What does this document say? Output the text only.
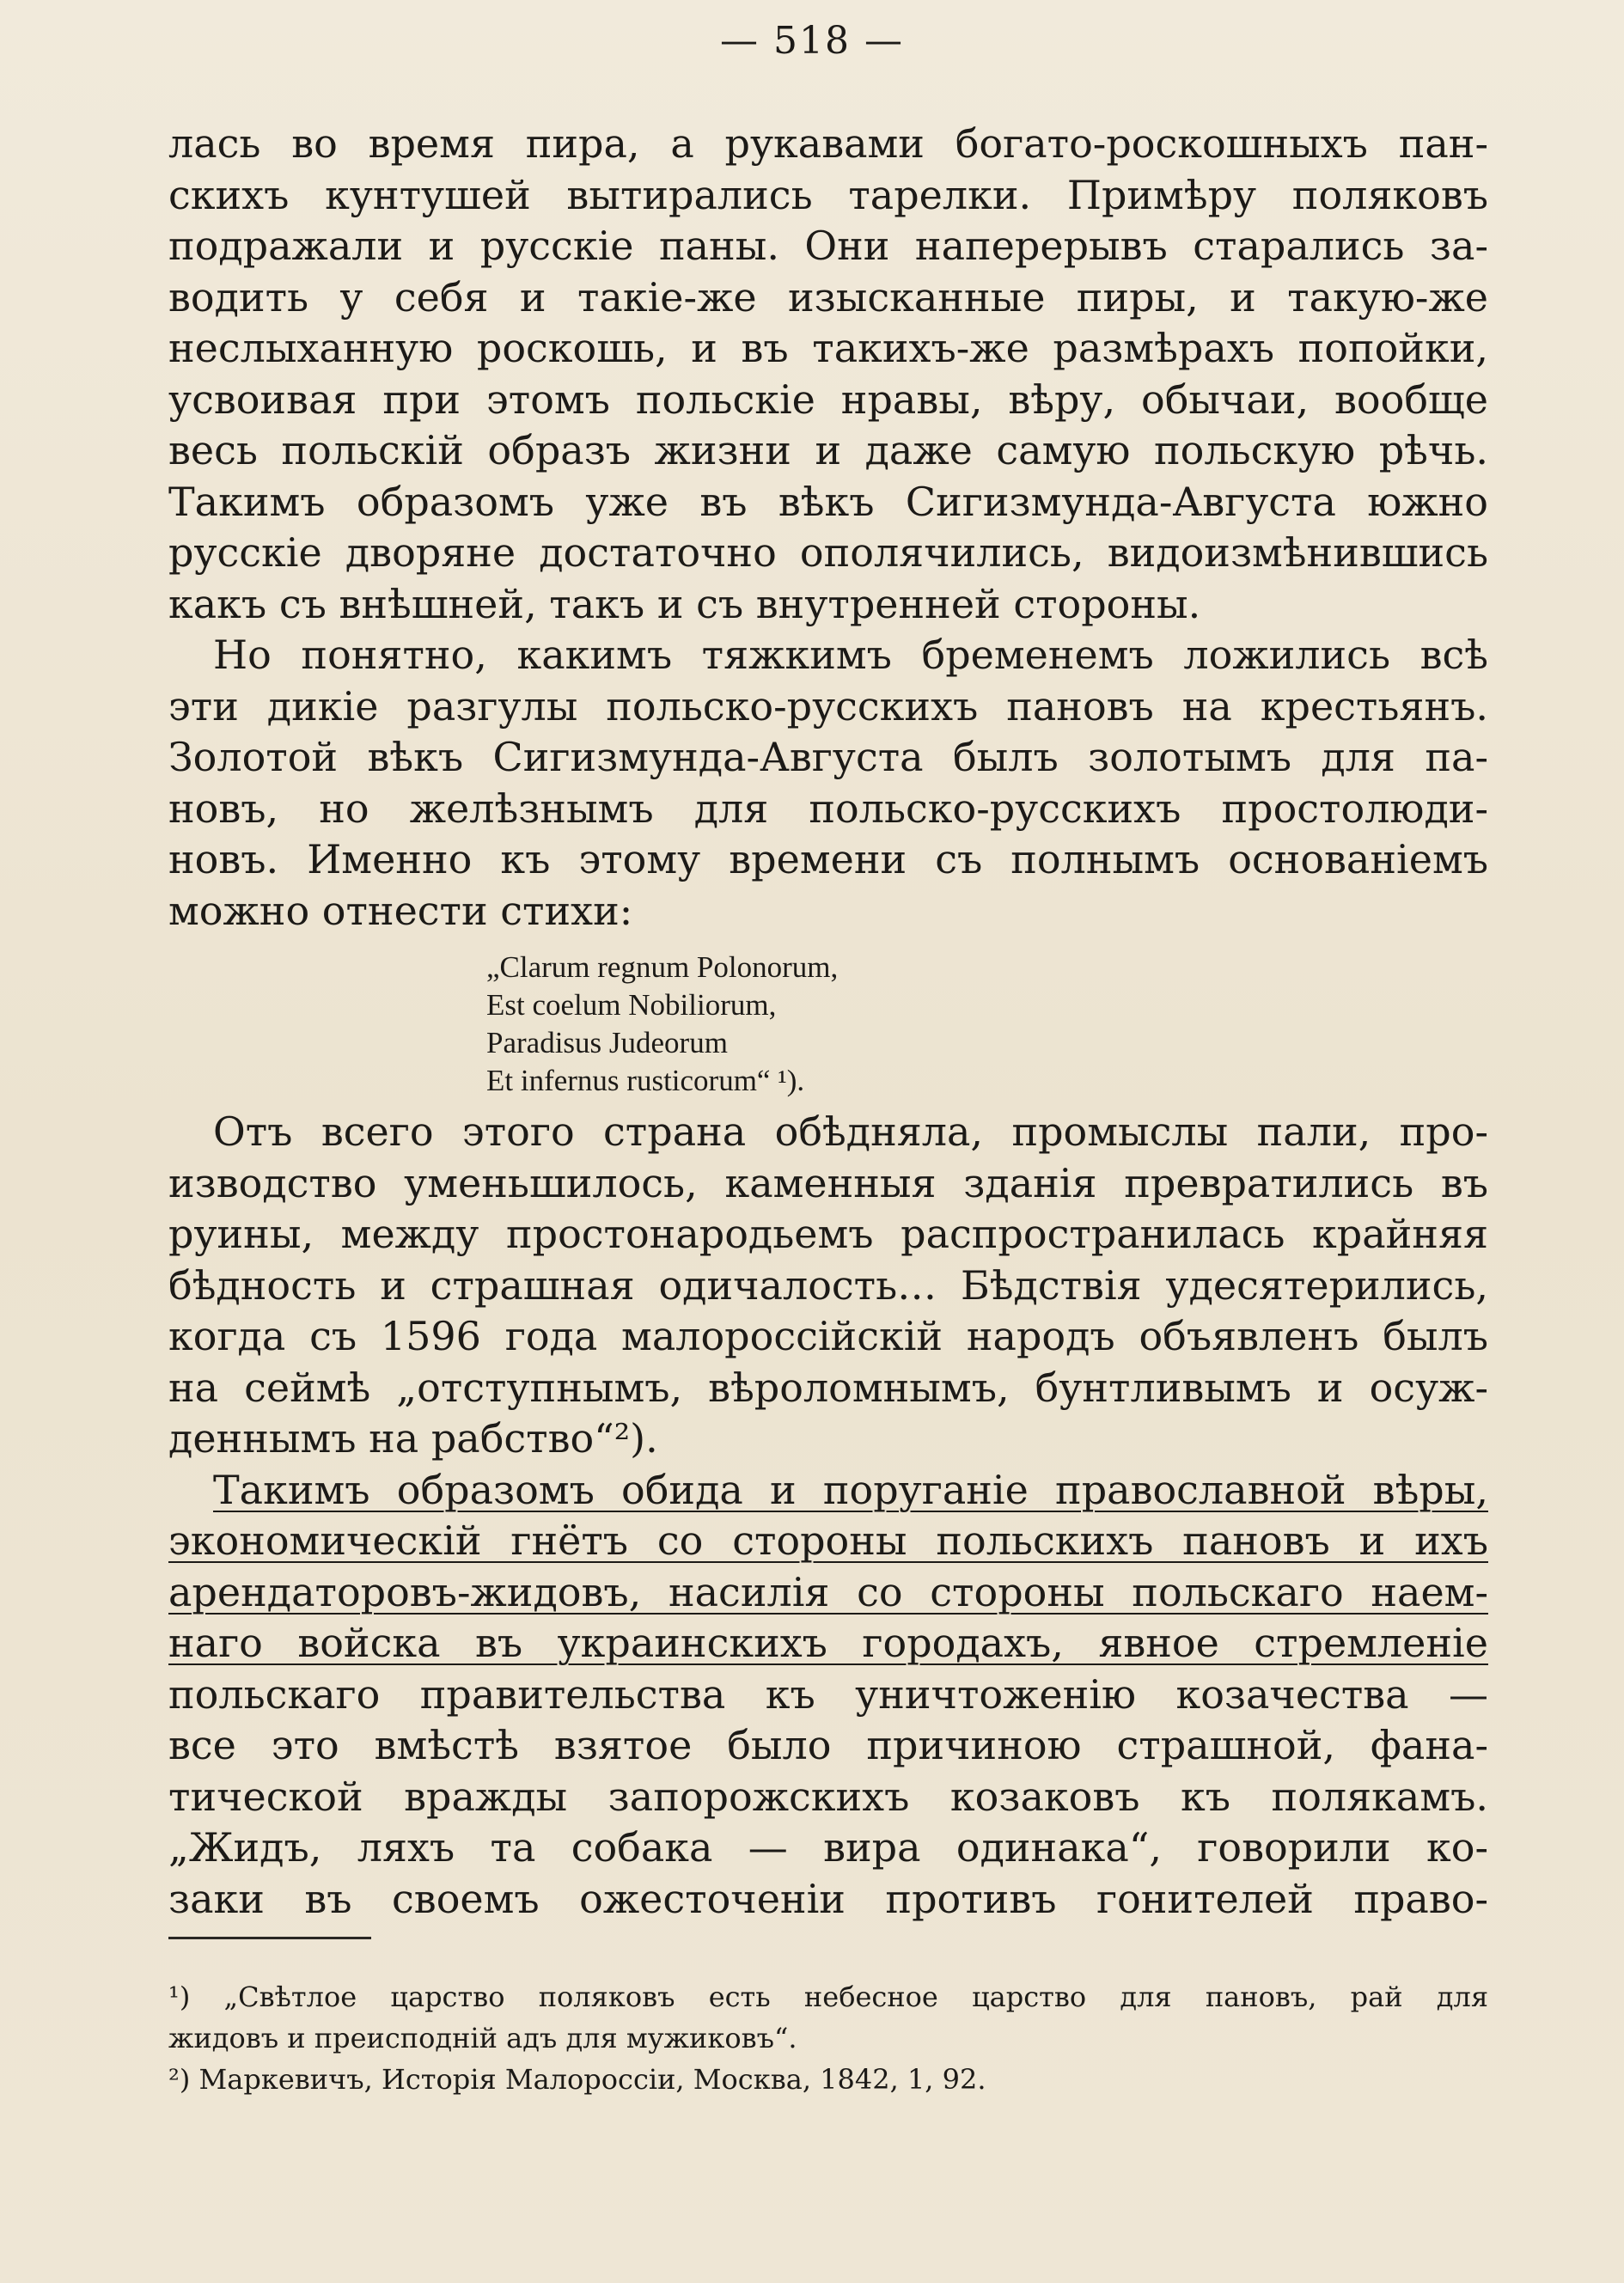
— 518 —
лась во время пира, а рукавами богато-роскошныхъ пан-
скихъ кунтушей вытирались тарелки. Примѣру поляковъ
подражали и русскіе паны. Они наперерывъ старались за-
водить у себя и такіе-же изысканные пиры, и такую-же
неслыханную роскошь, и въ такихъ-же размѣрахъ попойки,
усвоивая при этомъ польскіе нравы, вѣру, обычаи, вообще
весь польскій образъ жизни и даже самую польскую рѣчь.
Такимъ образомъ уже въ вѣкъ Сигизмунда-Августа южно
русскіе дворяне достаточно ополячились, видоизмѣнившись
какъ съ внѣшней, такъ и съ внутренней стороны.
Но понятно, какимъ тяжкимъ бременемъ ложились всѣ
эти дикіе разгулы польско-русскихъ пановъ на крестьянъ.
Золотой вѣкъ Сигизмунда-Августа былъ золотымъ для па-
новъ, но желѣзнымъ для польско-русскихъ простолюди-
новъ. Именно къ этому времени съ полнымъ основаніемъ
можно отнести стихи:
„Clarum regnum Polonorum,
Est coelum Nobiliorum,
Paradisus Judeorum
Et infernus rusticorum“ ¹).
Отъ всего этого страна обѣдняла, промыслы пали, про-
изводство уменьшилось, каменныя зданія превратились въ
руины, между простонародьемъ распространилась крайняя
бѣдность и страшная одичалость… Бѣдствія удесятерились,
когда съ 1596 года малороссійскій народъ объявленъ былъ
на сеймѣ „отступнымъ, вѣроломнымъ, бунтливымъ и осуж-
деннымъ на рабство“²).
Такимъ образомъ обида и поруганіе православной вѣры,
экономическій гнётъ со стороны польскихъ пановъ и ихъ
арендаторовъ-жидовъ, насилія со стороны польскаго наем-
наго войска въ украинскихъ городахъ, явное стремленіе
польскаго правительства къ уничтоженію козачества —
все это вмѣстѣ взятое было причиною страшной, фана-
тической вражды запорожскихъ козаковъ къ полякамъ.
„Жидъ, ляхъ та собака — вира одинака“, говорили ко-
заки въ своемъ ожесточеніи противъ гонителей право-
¹) „Свѣтлое царство поляковъ есть небесное царство для пановъ, рай для
жидовъ и преисподній адъ для мужиковъ“.
²) Маркевичъ, Исторія Малороссіи, Москва, 1842, 1, 92.
